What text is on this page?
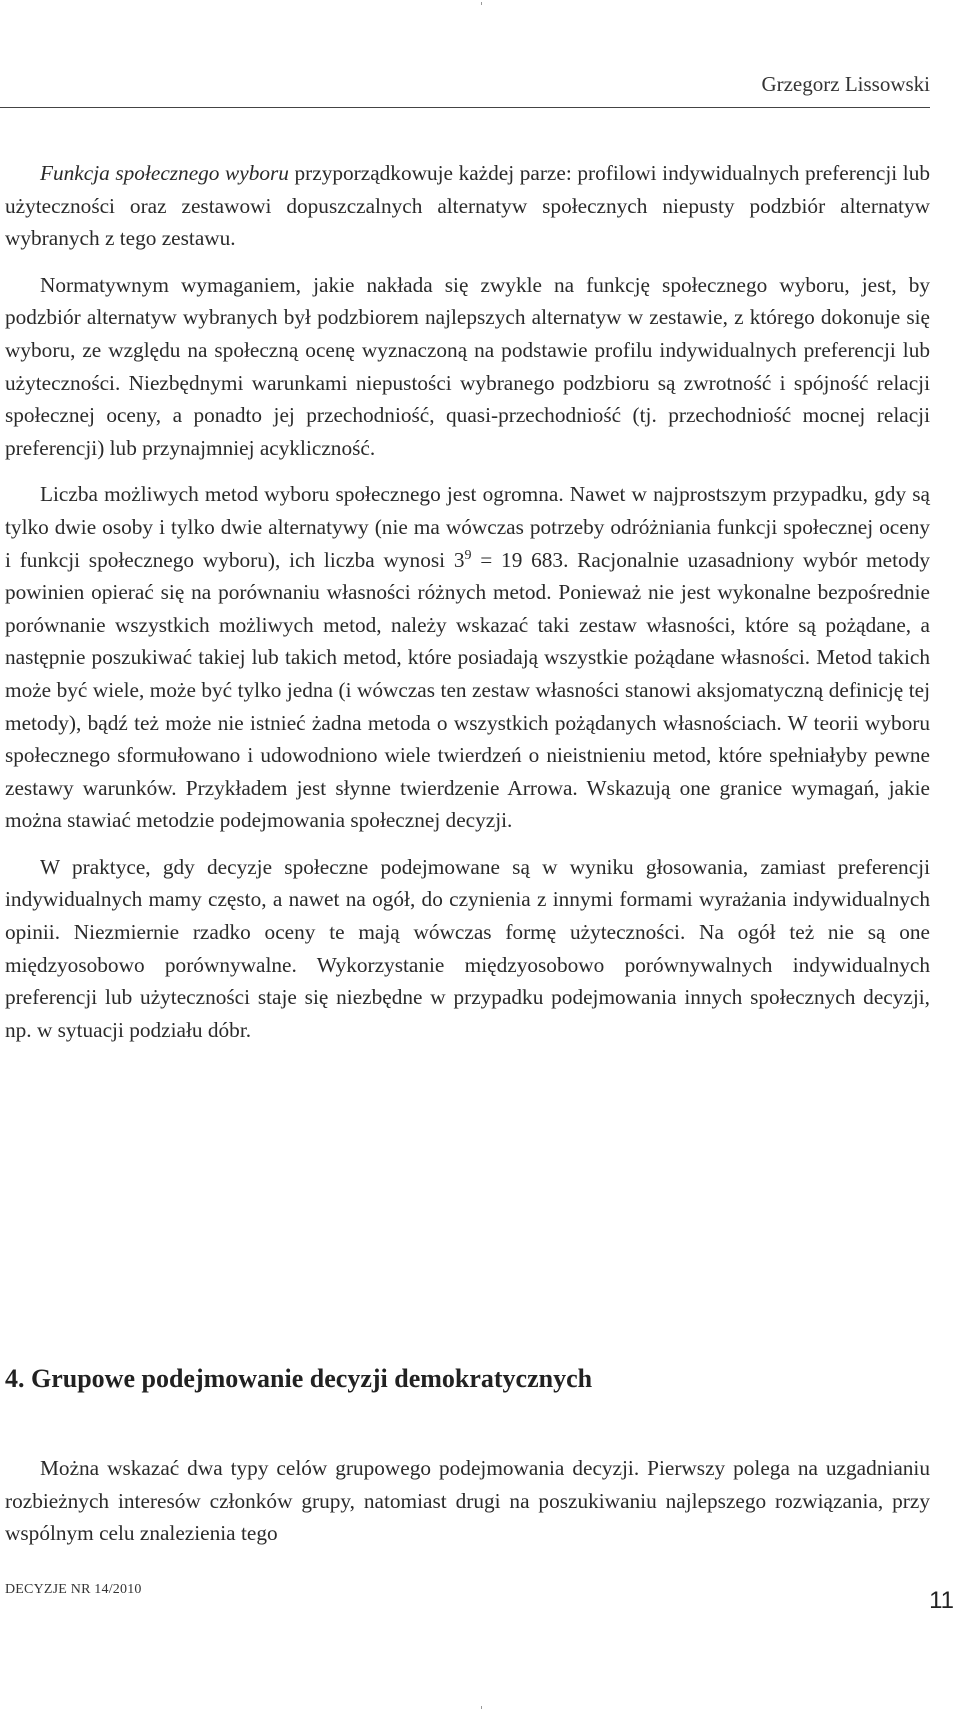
Grzegorz Lissowski

Funkcja społecznego wyboru przyporządkowuje każdej parze: profilowi indywidualnych preferencji lub użyteczności oraz zestawowi dopuszczalnych alternatyw społecznych niepusty podzbiór alternatyw wybranych z tego zestawu.

Normatywnym wymaganiem, jakie nakłada się zwykle na funkcję społecznego wyboru, jest, by podzbiór alternatyw wybranych był podzbiorem najlepszych alternatyw w zestawie, z którego dokonuje się wyboru, ze względu na społeczną ocenę wyznaczoną na podstawie profilu indywidualnych preferencji lub użyteczności. Niezbędnymi warunkami niepustości wybranego podzbioru są zwrotność i spójność relacji społecznej oceny, a ponadto jej przechodniość, quasi-przechodniość (tj. przechodniość mocnej relacji preferencji) lub przynajmniej acykliczność.

Liczba możliwych metod wyboru społecznego jest ogromna. Nawet w najprostszym przypadku, gdy są tylko dwie osoby i tylko dwie alternatywy (nie ma wówczas potrzeby odróżniania funkcji społecznej oceny i funkcji społecznego wyboru), ich liczba wynosi $3^9 = 19$ 683. Racjonalnie uzasadniony wybór metody powinien opierać się na porównaniu własności różnych metod. Ponieważ nie jest wykonalne bezpośrednie porównanie wszystkich możliwych metod, należy wskazać taki zestaw własności, które są pożądane, a następnie poszukiwać takiej lub takich metod, które posiadają wszystkie pożądane własności. Metod takich może być wiele, może być tylko jedna (i wówczas ten zestaw własności stanowi aksjomatyczną definicję tej metody), bądź też może nie istnieć żadna metoda o wszystkich pożądanych własnościach. W teorii wyboru społecznego sformułowano i udowodniono wiele twierdzeń o nieistnieniu metod, które spełniałyby pewne zestawy warunków. Przykładem jest słynne twierdzenie Arrowa. Wskazują one granice wymagań, jakie można stawiać metodzie podejmowania społecznej decyzji.

W praktyce, gdy decyzje społeczne podejmowane są w wyniku głosowania, zamiast preferencji indywidualnych mamy często, a nawet na ogół, do czynienia z innymi formami wyrażania indywidualnych opinii. Niezmiernie rzadko oceny te mają wówczas formę użyteczności. Na ogół też nie są one międzyosobowo porównywalne. Wykorzystanie międzyosobowo porównywalnych indywidualnych preferencji lub użyteczności staje się niezbędne w przypadku podejmowania innych społecznych decyzji, np. w sytuacji podziału dóbr.

4. Grupowe podejmowanie decyzji demokratycznych

Można wskazać dwa typy celów grupowego podejmowania decyzji. Pierwszy polega na uzgadnianiu rozbieżnych interesów członków grupy, natomiast drugi na poszukiwaniu najlepszego rozwiązania, przy wspólnym celu znalezienia tego

DECYZJE NR 14/2010	11
